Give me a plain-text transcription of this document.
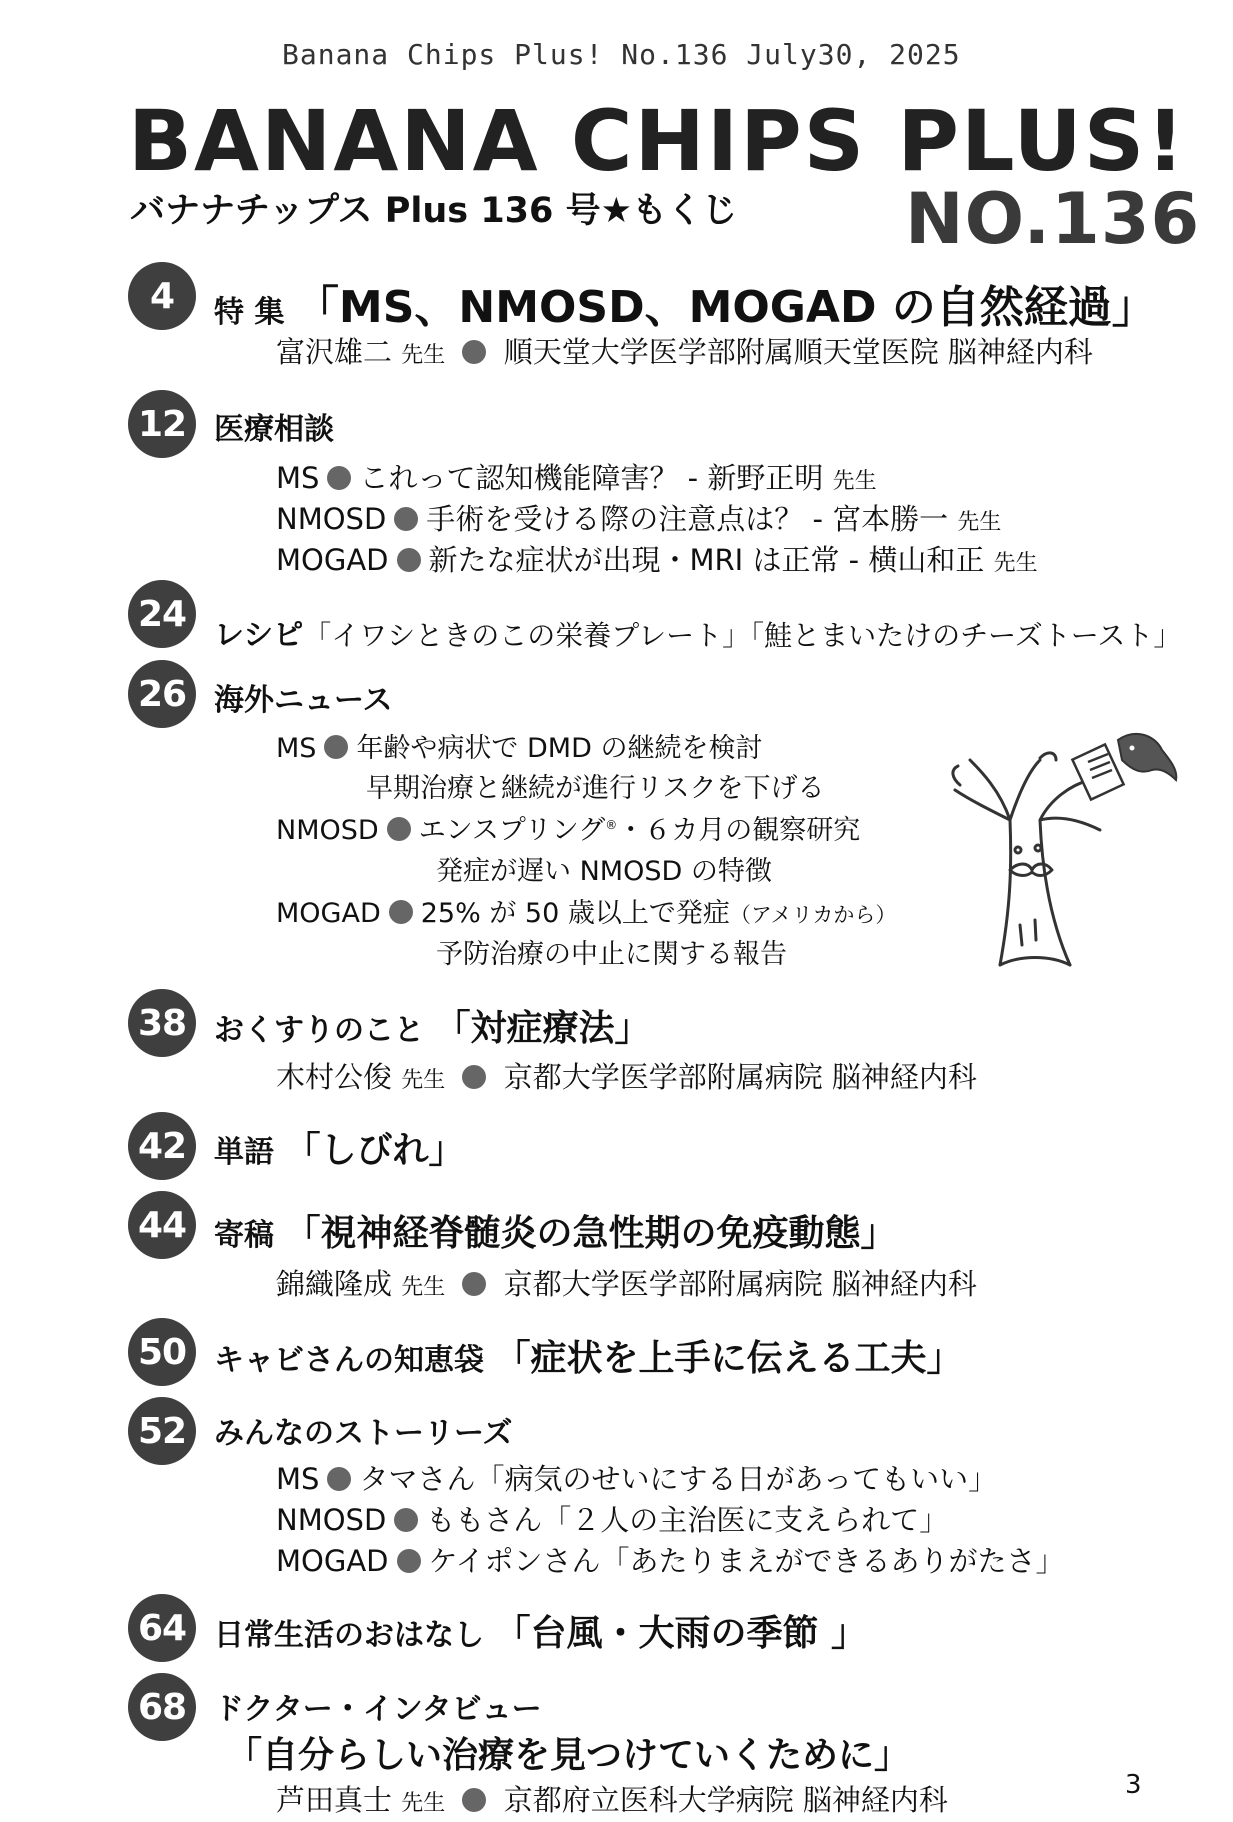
Banana Chips Plus! No.136 July30, 2025
BANANA CHIPS PLUS!
バナナチップス Plus 136 号★もくじ NO.136
4	特 集 「MS、NMOSD、MOGAD の自然経過」
富沢雄二 先生 順天堂大学医学部附属順天堂医院 脳神経内科
12 医療相談
MS これって認知機能障害？ - 新野正明 先生
NMOSD 手術を受ける際の注意点は？ - 宮本勝一 先生
MOGAD 新たな症状が出現・MRI は正常 - 横山和正 先生
24
レシピ「イワシときのこの栄養プレート」「鮭とまいたけのチーズトースト」
26 海外ニュース
MS 年齢や病状で DMD の継続を検討
早期治療と継続が進行リスクを下げる
NMOSD エンスプリング®・６カ月の観察研究
発症が遅い NMOSD の特徴
MOGAD 25% が 50 歳以上で発症（アメリカから）
予防治療の中止に関する報告
38 おくすりのこと 「対症療法」
木村公俊 先生 京都大学医学部附属病院 脳神経内科
42 単語 「しびれ」
44 寄稿 「視神経脊髄炎の急性期の免疫動態」
錦織隆成 先生 京都大学医学部附属病院 脳神経内科
50 キャビさんの知恵袋 「症状を上手に伝える工夫」
52 みんなのストーリーズ
MS タマさん「病気のせいにする日があってもいい」
NMOSD ももさん「２人の主治医に支えられて」
MOGAD ケイポンさん「あたりまえができるありがたさ」
64 日常生活のおはなし 「台風・大雨の季節 」
68 ドクター・インタビュー
「自分らしい治療を見つけていくために」
芦田真士 先生 京都府立医科大学病院 脳神経内科	3
